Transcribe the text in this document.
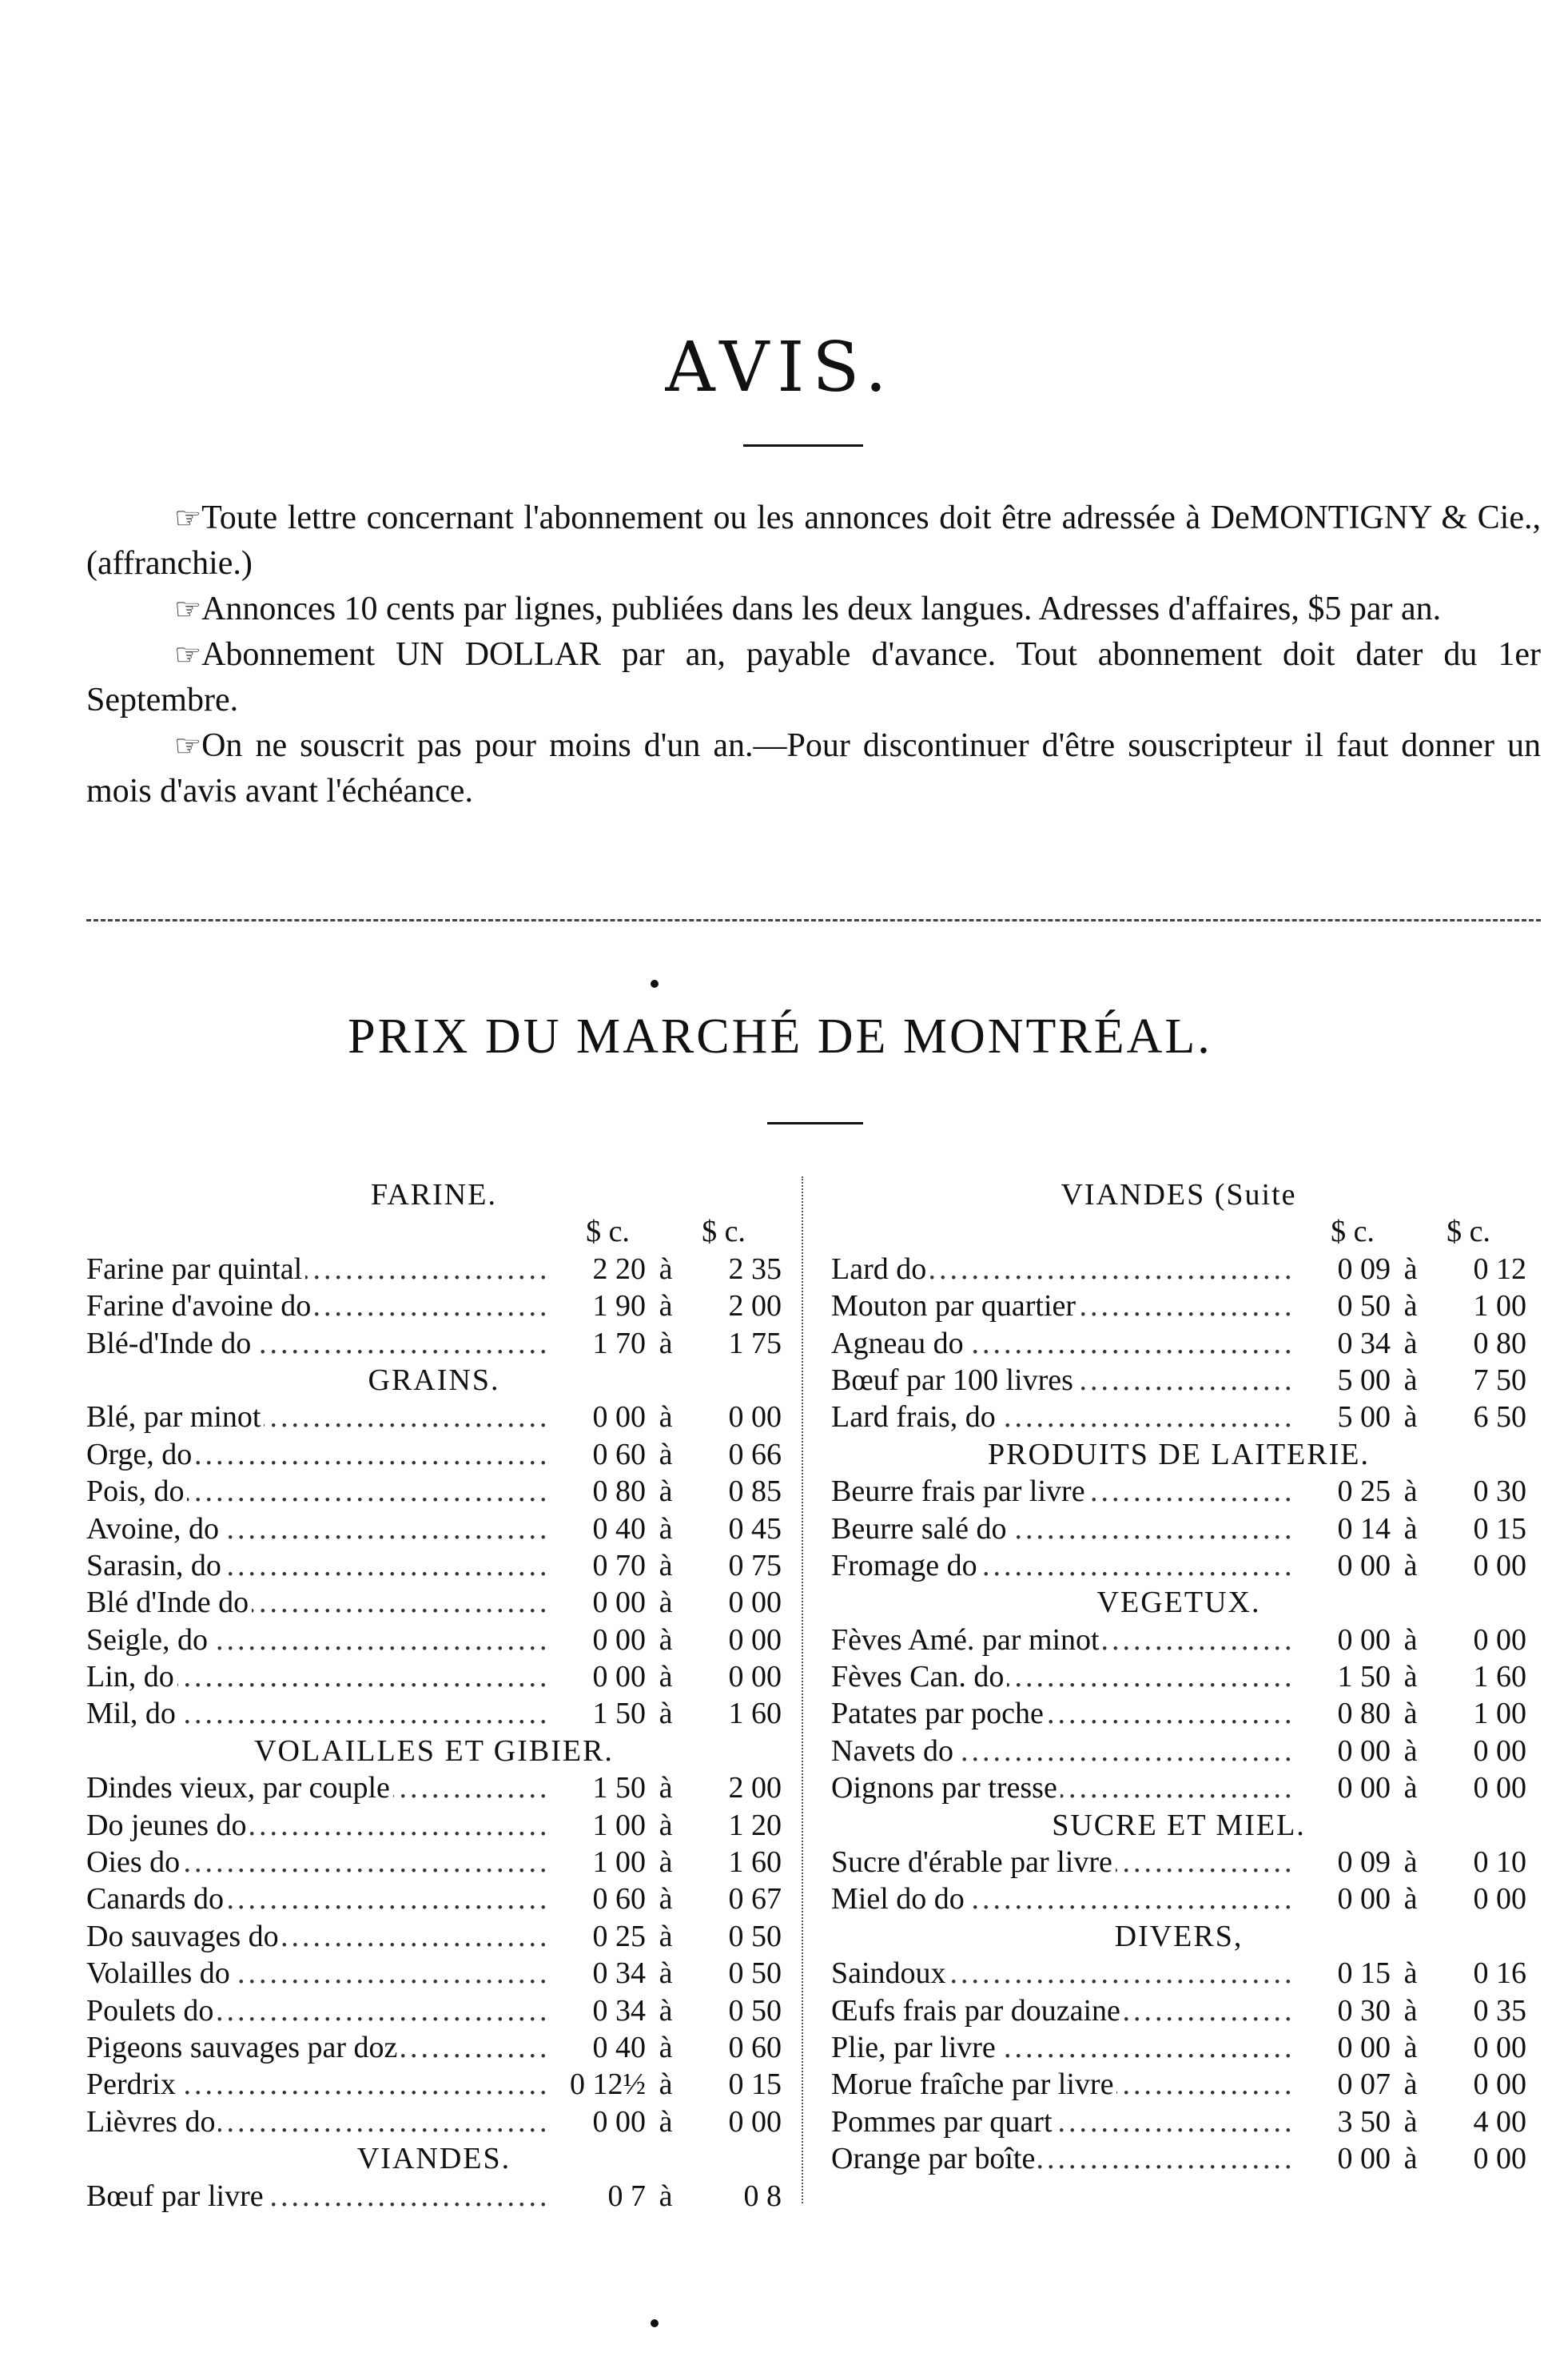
AVIS.

☞Toute lettre concernant l'abonnement ou les annonces doit être adressée à DeMONTIGNY & Cie., (affranchie.)

☞Annonces 10 cents par lignes, publiées dans les deux langues. Adresses d'affaires, $5 par an.

☞Abonnement UN DOLLAR par an, payable d'avance. Tout abonnement doit dater du 1er Septembre.

☞On ne souscrit pas pour moins d'un an.—Pour discontinuer d'être souscripteur il faut donner un mois d'avis avant l'échéance.

PRIX DU MARCHÉ DE MONTRÉAL.
FARINE.
$ c.	$ c.
Farine par quintal .....	2 20 à	2 35
Farine d'avoine do .....	1 90 à	2 00
Blé-d'Inde do .....	1 70 à	1 75
GRAINS.
Blé, par minot .....	0 00 à	0 00
Orge, do .....	0 60 à	0 66
Pois, do .....	0 80 à	0 85
Avoine, do .....	0 40 à	0 45
Sarasin, do .....	0 70 à	0 75
Blé d'Inde do .....	0 00 à	0 00
Seigle, do .....	0 00 à	0 00
Lin, do .....	0 00 à	0 00
Mil, do .....	1 50 à	1 60
VOLAILLES ET GIBIER.
Dindes vieux, par couple .....	1 50 à	2 00
Do jeunes do .....	1 00 à	1 20
Oies do .....	1 00 à	1 60
Canards do .....	0 60 à	0 67
Do sauvages do .....	0 25 à	0 50
Volailles do .....	0 34 à	0 50
Poulets do .....	0 34 à	0 50
Pigeons sauvages par doz .....	0 40 à	0 60
Perdrix .....	0 12½ à	0 15
Lièvres do .....	0 00 à	0 00
VIANDES.
Bœuf par livre .....	0 7 à	0 8
VIANDES (Suite
$ c.	$ c.
Lard do .....	0 09 à	0 12
Mouton par quartier .....	0 50 à	1 00
Agneau do .....	0 34 à	0 80
Bœuf par 100 livres .....	5 00 à	7 50
Lard frais, do .....	5 00 à	6 50
PRODUITS DE LAITERIE.
Beurre frais par livre .....	0 25 à	0 30
Beurre salé do .....	0 14 à	0 15
Fromage do .....	0 00 à	0 00
VEGETUX.
Fèves Amé. par minot .....	0 00 à	0 00
Fèves Can. do .....	1 50 à	1 60
Patates par poche .....	0 80 à	1 00
Navets do .....	0 00 à	0 00
Oignons par tresse .....	0 00 à	0 00
SUCRE ET MIEL.
Sucre d'érable par livre .....	0 09 à	0 10
Miel do do .....	0 00 à	0 00
DIVERS,
Saindoux .....	0 15 à	0 16
Œufs frais par douzaine .....	0 30 à	0 35
Plie, par livre .....	0 00 à	0 00
Morue fraîche par livre .....	0 07 à	0 00
Pommes par quart .....	3 50 à	4 00
Orange par boîte .....	0 00 à	0 00
